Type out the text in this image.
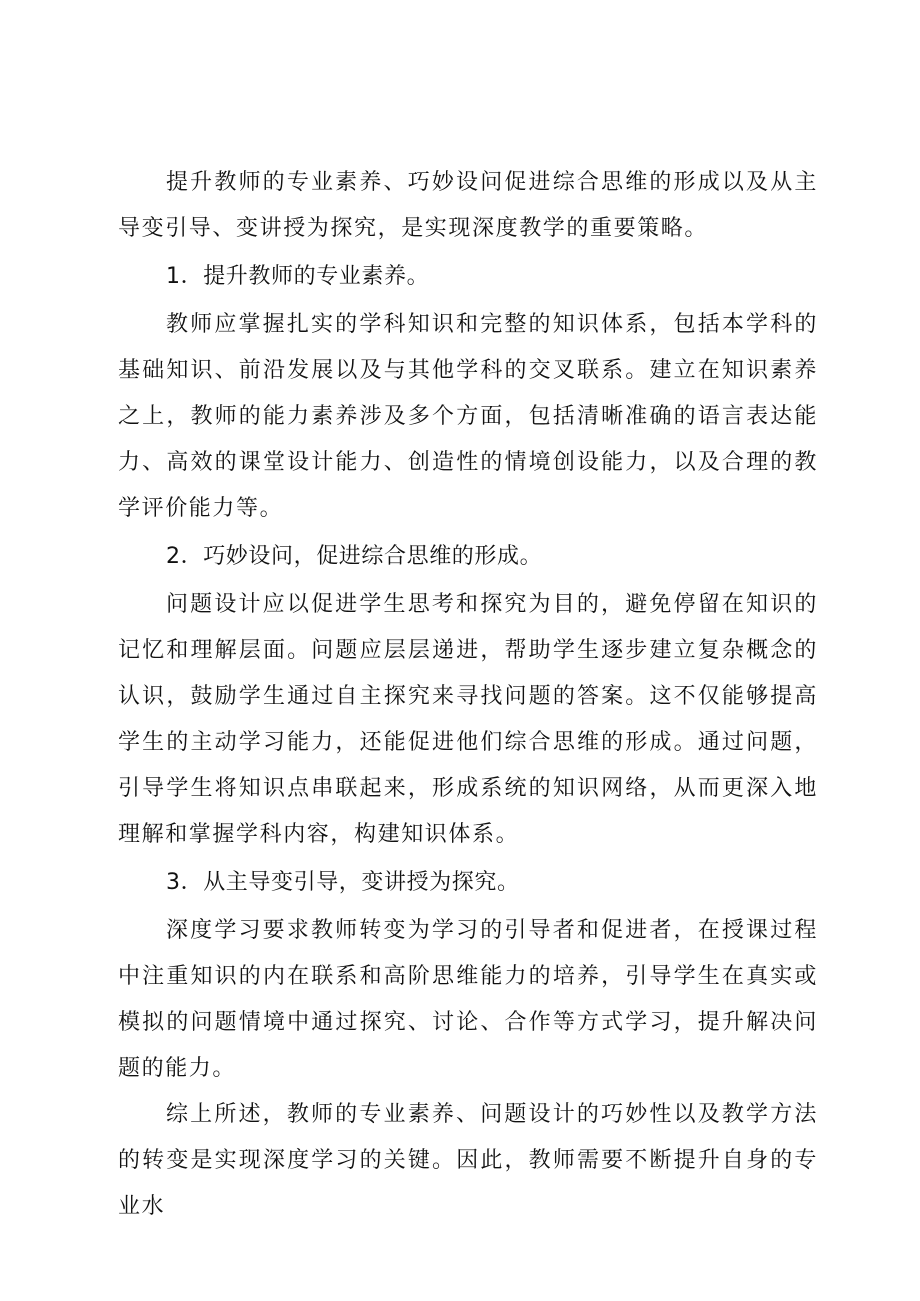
提升教师的专业素养、巧妙设问促进综合思维的形成以及从主导变引导、变讲授为探究，是实现深度教学的重要策略。

1．提升教师的专业素养。

教师应掌握扎实的学科知识和完整的知识体系，包括本学科的基础知识、前沿发展以及与其他学科的交叉联系。建立在知识素养之上，教师的能力素养涉及多个方面，包括清晰准确的语言表达能力、高效的课堂设计能力、创造性的情境创设能力，以及合理的教学评价能力等。

2．巧妙设问，促进综合思维的形成。

问题设计应以促进学生思考和探究为目的，避免停留在知识的记忆和理解层面。问题应层层递进，帮助学生逐步建立复杂概念的认识，鼓励学生通过自主探究来寻找问题的答案。这不仅能够提高学生的主动学习能力，还能促进他们综合思维的形成。通过问题，引导学生将知识点串联起来，形成系统的知识网络，从而更深入地理解和掌握学科内容，构建知识体系。

3．从主导变引导，变讲授为探究。

深度学习要求教师转变为学习的引导者和促进者，在授课过程中注重知识的内在联系和高阶思维能力的培养，引导学生在真实或模拟的问题情境中通过探究、讨论、合作等方式学习，提升解决问题的能力。

综上所述，教师的专业素养、问题设计的巧妙性以及教学方法的转变是实现深度学习的关键。因此，教师需要不断提升自身的专业水
